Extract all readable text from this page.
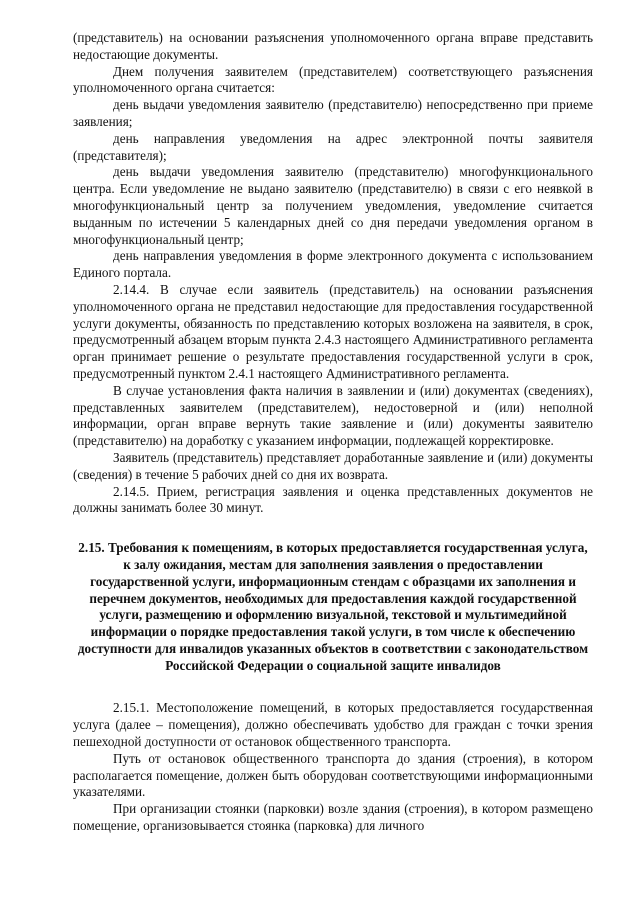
(представитель) на основании разъяснения уполномоченного органа вправе представить недостающие документы.

Днем получения заявителем (представителем) соответствующего разъяснения уполномоченного органа считается:

день выдачи уведомления заявителю (представителю) непосредственно при приеме заявления;

день направления уведомления на адрес электронной почты заявителя (представителя);

день выдачи уведомления заявителю (представителю) многофункционального центра. Если уведомление не выдано заявителю (представителю) в связи с его неявкой в многофункциональный центр за получением уведомления, уведомление считается выданным по истечении 5 календарных дней со дня передачи уведомления органом в многофункциональный центр;

день направления уведомления в форме электронного документа с использованием Единого портала.

2.14.4. В случае если заявитель (представитель) на основании разъяснения уполномоченного органа не представил недостающие для предоставления государственной услуги документы, обязанность по представлению которых возложена на заявителя, в срок, предусмотренный абзацем вторым пункта 2.4.3 настоящего Административного регламента орган принимает решение о результате предоставления государственной услуги в срок, предусмотренный пунктом 2.4.1 настоящего Административного регламента.

В случае установления факта наличия в заявлении и (или) документах (сведениях), представленных заявителем (представителем), недостоверной и (или) неполной информации, орган вправе вернуть такие заявление и (или) документы заявителю (представителю) на доработку с указанием информации, подлежащей корректировке.

Заявитель (представитель) представляет доработанные заявление и (или) документы (сведения) в течение 5 рабочих дней со дня их возврата.

2.14.5. Прием, регистрация заявления и оценка представленных документов не должны занимать более 30 минут.

2.15. Требования к помещениям, в которых предоставляется государственная услуга, к залу ожидания, местам для заполнения заявления о предоставлении государственной услуги, информационным стендам с образцами их заполнения и перечнем документов, необходимых для предоставления каждой государственной услуги, размещению и оформлению визуальной, текстовой и мультимедийной информации о порядке предоставления такой услуги, в том числе к обеспечению доступности для инвалидов указанных объектов в соответствии с законодательством Российской Федерации о социальной защите инвалидов

2.15.1. Местоположение помещений, в которых предоставляется государственная услуга (далее – помещения), должно обеспечивать удобство для граждан с точки зрения пешеходной доступности от остановок общественного транспорта.

Путь от остановок общественного транспорта до здания (строения), в котором располагается помещение, должен быть оборудован соответствующими информационными указателями.

При организации стоянки (парковки) возле здания (строения), в котором размещено помещение, организовывается стоянка (парковка) для личного
